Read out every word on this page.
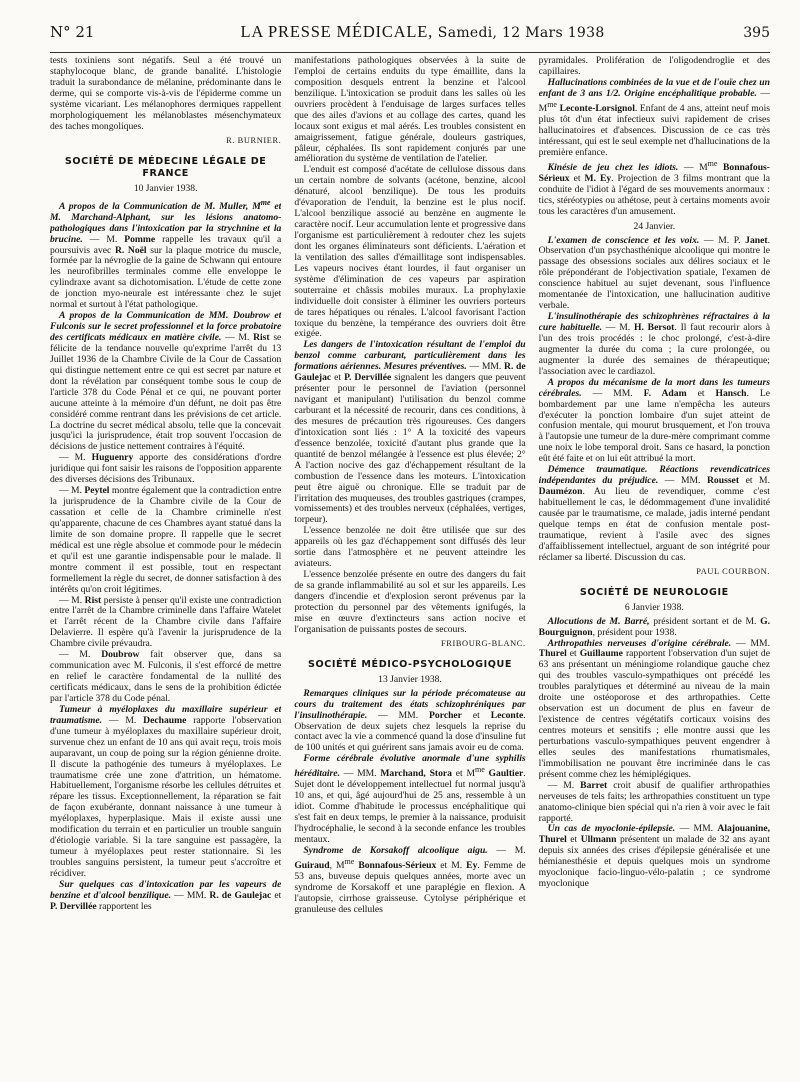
N° 21	LA PRESSE MÉDICALE, Samedi, 12 Mars 1938	395

tests toxiniens sont négatifs. Seul a été trouvé un staphylocoque blanc, de grande banalité. L'histologie traduit la surabondance de mélanine, prédominante dans le derme, qui se comporte vis-à-vis de l'épiderme comme un système vicariant. Les mélanophores dermiques rappellent morphologiquement les mélanoblastes mésenchymateux des taches mongoliques.

R. BURNIER.
SOCIÉTÉ DE MÉDECINE LÉGALE DE FRANCE
10 Janvier 1938.
A propos de la Communication de M. Muller, $M^{me}$ et M. Marchand-Alphant, sur les lésions anatomo-pathologiques dans l'intoxication par la strychnine et la brucine. — M. Pomme rappelle les travaux qu'il a poursuivis avec R. Noël sur la plaque motrice du muscle, formée par la névroglie de la gaine de Schwann qui entoure les neurofibrilles terminales comme elle enveloppe le cylindraxe avant sa dichotomisation. L'étude de cette zone de jonction myo-neurale est intéressante chez le sujet normal et surtout à l'état pathologique.
A propos de la Communication de MM. Doubrow et Fulconis sur le secret professionnel et la force probatoire des certificats médicaux en matière civile. — M. Rist se félicite de la tendance nouvelle qu'exprime l'arrêt du 13 Juillet 1936 de la Chambre Civile de la Cour de Cassation qui distingue nettement entre ce qui est secret par nature et dont la révélation par conséquent tombe sous le coup de l'article 378 du Code Pénal et ce qui, ne pouvant porter aucune atteinte à la mémoire d'un défunt, ne doit pas être considéré comme rentrant dans les prévisions de cet article. La doctrine du secret médical absolu, telle que la concevait jusqu'ici la jurisprudence, était trop souvent l'occasion de décisions de justice nettement contraires à l'équité.
— M. Huguenry apporte des considérations d'ordre juridique qui font saisir les raisons de l'opposition apparente des diverses décisions des Tribunaux.
— M. Peytel montre également que la contradiction entre la jurisprudence de la Chambre civile de la Cour de cassation et celle de la Chambre criminelle n'est qu'apparente, chacune de ces Chambres ayant statué dans la limite de son domaine propre. Il rappelle que le secret médical est une règle absolue et commode pour le médecin et qu'il est une garantie indispensable pour le malade. Il montre comment il est possible, tout en respectant formellement la règle du secret, de donner satisfaction à des intérêts qu'on croit légitimes.
— M. Rist persiste à penser qu'il existe une contradiction entre l'arrêt de la Chambre criminelle dans l'affaire Watelet et l'arrêt récent de la Chambre civile dans l'affaire Delavierre. Il espère qu'à l'avenir la jurisprudence de la Chambre civile prévaudra.
— M. Doubrow fait observer que, dans sa communication avec M. Fulconis, il s'est efforcé de mettre en relief le caractère fondamental de la nullité des certificats médicaux, dans le sens de la prohibition édictée par l'article 378 du Code pénal.
Tumeur à myéloplaxes du maxillaire supérieur et traumatisme. — M. Dechaume rapporte l'observation d'une tumeur à myéloplaxes du maxillaire supérieur droit, survenue chez un enfant de 10 ans qui avait reçu, trois mois auparavant, un coup de poing sur la région génienne droite. Il discute la pathogénie des tumeurs à myéloplaxes. Le traumatisme crée une zone d'attrition, un hématome. Habituellement, l'organisme résorbe les cellules détruites et répare les tissus. Exceptionnellement, la réparation se fait de façon exubérante, donnant naissance à une tumeur à myéloplaxes, hyperplasique. Mais il existe aussi une modification du terrain et en particulier un trouble sanguin d'étiologie variable. Si la tare sanguine est passagère, la tumeur à myéloplaxes peut rester stationnaire. Si les troubles sanguins persistent, la tumeur peut s'accroître et récidiver.
Sur quelques cas d'intoxication par les vapeurs de benzine et d'alcool benzilique. — MM. R. de Gaulejac et P. Dervillée rapportent les

manifestations pathologiques observées à la suite de l'emploi de certains enduits du type émaillite, dans la composition desquels entrent la benzine et l'alcool benzilique. L'intoxication se produit dans les salles où les ouvriers procèdent à l'enduisage de larges surfaces telles que des ailes d'avions et au collage des cartes, quand les locaux sont exigus et mal aérés. Les troubles consistent en amaigrissement, fatigue générale, douleurs gastriques, pâleur, céphalées. Ils sont rapidement conjurés par une amélioration du système de ventilation de l'atelier.

L'enduit est composé d'acétate de cellulose dissous dans un certain nombre de solvants (acétone, benzine, alcool dénaturé, alcool benzilique). De tous les produits d'évaporation de l'enduit, la benzine est le plus nocif. L'alcool benzilique associé au benzène en augmente le caractère nocif. Leur accumulation lente et progressive dans l'organisme est particulièrement à redouter chez les sujets dont les organes éliminateurs sont déficients. L'aération et la ventilation des salles d'émaillitage sont indispensables. Les vapeurs nocives étant lourdes, il faut organiser un système d'élimination de ces vapeurs par aspiration souterraine et châssis mobiles muraux. La prophylaxie individuelle doit consister à éliminer les ouvriers porteurs de tares hépatiques ou rénales. L'alcool favorisant l'action toxique du benzène, la tempérance des ouvriers doit être exigée.

Les dangers de l'intoxication résultant de l'emploi du benzol comme carburant, particulièrement dans les formations aériennes. Mesures préventives. — MM. R. de Gaulejac et P. Dervillée signalent les dangers que peuvent présenter pour le personnel de l'aviation (personnel navigant et manipulant) l'utilisation du benzol comme carburant et la nécessité de recourir, dans ces conditions, à des mesures de précaution très rigoureuses. Ces dangers d'intoxication sont liés : 1° A la toxicité des vapeurs d'essence benzolée, toxicité d'autant plus grande que la quantité de benzol mélangée à l'essence est plus élevée; 2° A l'action nocive des gaz d'échappement résultant de la combustion de l'essence dans les moteurs. L'intoxication peut être aiguë ou chronique. Elle se traduit par de l'irritation des muqueuses, des troubles gastriques (crampes, vomissements) et des troubles nerveux (céphalées, vertiges, torpeur).

L'essence benzolée ne doit être utilisée que sur des appareils où les gaz d'échappement sont diffusés dès leur sortie dans l'atmosphère et ne peuvent atteindre les aviateurs.

L'essence benzolée présente en outre des dangers du fait de sa grande inflammabilité au sol et sur les appareils. Les dangers d'incendie et d'explosion seront prévenus par la protection du personnel par des vêtements ignifugés, la mise en œuvre d'extincteurs sans action nocive et l'organisation de puissants postes de secours.

FRIBOURG-BLANC.
SOCIÉTÉ MÉDICO-PSYCHOLOGIQUE
13 Janvier 1938.
Remarques cliniques sur la période précomateuse au cours du traitement des états schizophréniques par l'insulinothérapie. — MM. Porcher et Leconte. Observation de deux sujets chez lesquels la reprise du contact avec la vie a commencé quand la dose d'insuline fut de 100 unités et qui guérirent sans jamais avoir eu de coma.
Forme cérébrale évolutive anormale d'une syphilis héréditaire. — MM. Marchand, Stora et $M^{me}$ Gaultier. Sujet dont le développement intellectuel fut normal jusqu'à 10 ans, et qui, âgé aujourd'hui de 25 ans, ressemble à un idiot. Comme d'habitude le processus encéphalitique qui s'est fait en deux temps, le premier à la naissance, produisit l'hydrocéphalie, le second à la seconde enfance les troubles mentaux.
Syndrome de Korsakoff alcoolique aigu. — M. Guiraud, $M^{me}$ Bonnafous-Sérieux et M. Ey. Femme de 53 ans, buveuse depuis quelques années, morte avec un syndrome de Korsakoff et une paraplégie en flexion. A l'autopsie, cirrhose graisseuse. Cytolyse périphérique et granuleuse des cellules

pyramidales. Prolifération de l'oligodendroglie et des capillaires.

Hallucinations combinées de la vue et de l'ouïe chez un enfant de 3 ans 1/2. Origine encéphalitique probable. — $M^{me}$ Leconte-Lorsignol. Enfant de 4 ans, atteint neuf mois plus tôt d'un état infectieux suivi rapidement de crises hallucinatoires et d'absences. Discussion de ce cas très intéressant, qui est le seul exemple net d'hallucinations de la première enfance.
Kinésie de jeu chez les idiots. — $M^{me}$ Bonnafous-Sérieux et M. Ey. Projection de 3 films montrant que la conduite de l'idiot à l'égard de ses mouvements anormaux : tics, stéréotypies ou athétose, peut à certains moments avoir tous les caractères d'un amusement.
24 Janvier.
L'examen de conscience et les voix. — M. P. Janet. Observation d'un psychasthénique alcoolique qui montre le passage des obsessions sociales aux délires sociaux et le rôle prépondérant de l'objectivation spatiale, l'examen de conscience habituel au sujet devenant, sous l'influence momentanée de l'intoxication, une hallucination auditive verbale.
L'insulinothérapie des schizophrènes réfractaires à la cure habituelle. — M. H. Bersot. Il faut recourir alors à l'un des trois procédés : le choc prolongé, c'est-à-dire augmenter la durée du coma ; la cure prolongée, ou augmenter la durée des semaines de thérapeutique; l'association avec le cardiazol.
A propos du mécanisme de la mort dans les tumeurs cérébrales. — MM. F. Adam et Hansch. Le bombardement par une lame n'empêcha les auteurs d'exécuter la ponction lombaire d'un sujet atteint de confusion mentale, qui mourut brusquement, et l'on trouva à l'autopsie une tumeur de la dure-mère comprimant comme une noix le lobe temporal droit. Sans ce hasard, la ponction eût été faite et on lui eût attribué la mort.
Démence traumatique. Réactions revendicatrices indépendantes du préjudice. — MM. Rousset et M. Daumézon. Au lieu de revendiquer, comme c'est habituellement le cas, le dédommagement d'une invalidité causée par le traumatisme, ce malade, jadis interné pendant quelque temps en état de confusion mentale post-traumatique, revient à l'asile avec des signes d'affaiblissement intellectuel, arguant de son intégrité pour réclamer sa liberté. Discussion du cas.
PAUL COURBON.
SOCIÉTÉ DE NEUROLOGIE
6 Janvier 1938.
Allocutions de M. Barré, président sortant et de M. G. Bourguignon, président pour 1938.
Arthropathies nerveuses d'origine cérébrale. — MM. Thurel et Guillaume rapportent l'observation d'un sujet de 63 ans présentant un méningiome rolandique gauche chez qui des troubles vasculo-sympathiques ont précédé les troubles paralytiques et déterminé au niveau de la main droite une ostéoporose et des arthropathies. Cette observation est un document de plus en faveur de l'existence de centres végétatifs corticaux voisins des centres moteurs et sensitifs ; elle montre aussi que les perturbations vasculo-sympathiques peuvent engendrer à elles seules des manifestations rhumatismales, l'immobilisation ne pouvant être incriminée dans le cas présent comme chez les hémiplégiques.
— M. Barret croit abusif de qualifier arthropathies nerveuses de tels faits; les arthropathies constituent un type anatomo-clinique bien spécial qui n'a rien à voir avec le fait rapporté.
Un cas de myoclonie-épilepsie. — MM. Alajouanine, Thurel et Ullmann présentent un malade de 32 ans ayant depuis six années des crises d'épilepsie généralisée et une hémianesthésie et depuis quelques mois un syndrome myoclonique facio-linguo-vélo-palatin ; ce syndrome myoclonique
